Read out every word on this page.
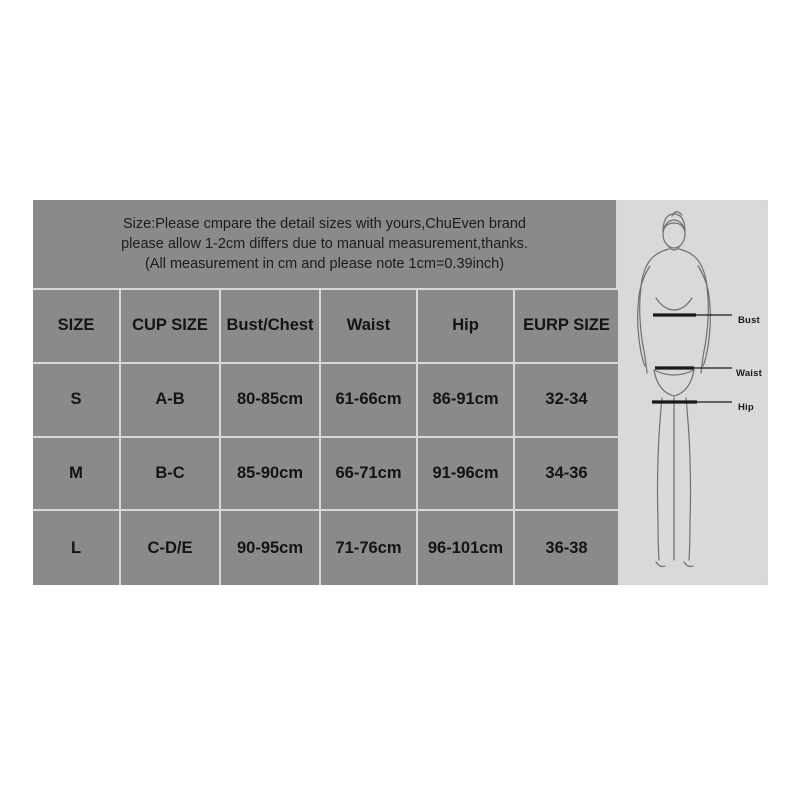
Size:Please cmpare the detail sizes with yours,ChuEven brand
please allow 1-2cm differs due to manual measurement,thanks.
(All measurement in cm and please note 1cm=0.39inch)
SIZE	CUP SIZE	Bust/Chest	Waist	Hip	EURP SIZE
S	A-B	80-85cm	61-66cm	86-91cm	32-34
M	B-C	85-90cm	66-71cm	91-96cm	34-36
L	C-D/E	90-95cm	71-76cm	96-101cm	36-38
Bust
Waist
Hip
